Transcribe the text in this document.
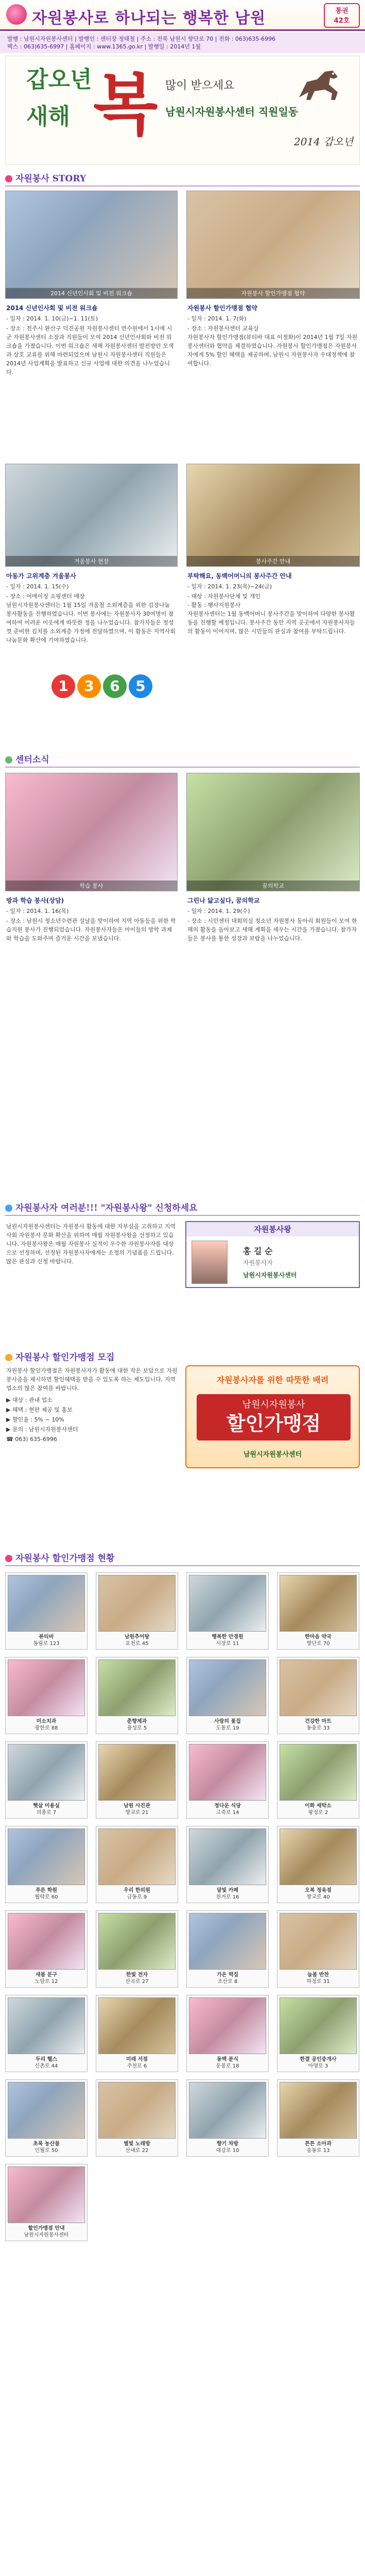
자원봉사로 하나되는 행복한 남원	통권
42호
발행 : 남원시자원봉사센터 | 발행인 : 센터장 정태철 | 주소 : 전북 남원시 향단로 70 | 전화 : 063)635-6996
팩스 : 063)635-6997 | 홈페이지 : www.1365.go.kr | 발행일 : 2014년 1월
갑오년
새해 복 많이 받으세요
남원시자원봉사센터 직원일동
2014 갑오년
자원봉사 STORY
2014 신년인사회 및 비전 워크숍	자원봉사 할인가맹점 협약
2014 신년인사회 및 비전 워크숍

- 일자 : 2014. 1. 10(금)~1. 11(토)

- 장소 : 전주시 완산구 덕진공원 자원봉사센터 연수원에서 1시에 시군 자원봉사센터 소장과 직원들이 모여 2014 신년인사회와 비전 워크숍을 가졌습니다. 이번 워크숍은 새해 자원봉사센터 발전방안 모색과 상호 교류를 위해 마련되었으며 남원시 자원봉사센터 직원들은 2014년 사업계획을 발표하고 신규 사업에 대한 의견을 나누었습니다.

자원봉사 할인가맹점 협약

- 일자 : 2014. 1. 7(화)

- 장소 : 자원봉사센터 교육실
자원봉사자 할인가맹점(뷰티바 대표 이정화)이 2014년 1월 7일 자원봉사센터와 협약을 체결하였습니다. 자원봉사 할인가맹점은 자원봉사자에게 5% 할인 혜택을 제공하며, 남원시 자원봉사자 우대정책에 참여합니다.

겨울봉사 현장	봉사주간 안내
아동가 고위계층 겨울봉사

- 일자 : 2014. 1. 15(수)

- 장소 : 어메이징 쇼핑센터 매장
남원시자원봉사센터는 1월 15일 겨울철 소외계층을 위한 김장나눔 봉사활동을 진행하였습니다. 이번 봉사에는 자원봉사자 30여명이 참여하여 어려운 이웃에게 따뜻한 정을 나누었습니다. 참가자들은 정성껏 준비한 김치를 소외계층 가정에 전달하였으며, 이 활동은 지역사회 나눔문화 확산에 기여하였습니다.

부탁해요, 동백어머니의 봉사주간 안내

- 일자 : 2014. 1. 23(목)~24(금)

- 대상 : 자원봉사단체 및 개인
- 활동 : 행사지원봉사
자원봉사센터는 1월 동백어머니 봉사주간을 맞이하여 다양한 봉사활동을 진행할 예정입니다. 봉사주간 동안 지역 곳곳에서 자원봉사자들의 활동이 이어지며, 많은 시민들의 관심과 참여를 부탁드립니다.

1 3 6 5
센터소식
학습 봉사	꿈의학교
방과 학습 봉사(상담)

- 일자 : 2014. 1. 16(목)

- 장소 : 남원시 청소년수련관 설날을 맞이하여 지역 아동들을 위한 학습지원 봉사가 진행되었습니다. 자원봉사자들은 아이들의 방학 과제와 학습을 도와주며 즐거운 시간을 보냈습니다.

그린나 닮고싶다, 꿈의학교

- 일자 : 2014. 1. 29(수)

- 장소 : 시민센터 대회의실 청소년 자원봉사 동아리 회원들이 모여 한 해의 활동을 돌아보고 새해 계획을 세우는 시간을 가졌습니다. 참가자들은 봉사를 통한 성장과 보람을 나누었습니다.

자원봉사자 여러분!!! "자원봉사왕" 신청하세요

남원시자원봉사센터는 자원봉사 활동에 대한 자부심을 고취하고 지역 사회 자원봉사 문화 확산을 위하여 매월 자원봉사왕을 선정하고 있습니다. 자원봉사왕은 매월 자원봉사 실적이 우수한 자원봉사자를 대상으로 선정하며, 선정된 자원봉사자에게는 소정의 기념품을 드립니다. 많은 관심과 신청 바랍니다.

자원봉사왕
홍 길 순
자원봉사자
남원시자원봉사센터
자원봉사 할인가맹점 모집

자원봉사 할인가맹점은 자원봉사자가 활동에 대한 작은 보답으로 자원봉사증을 제시하면 할인혜택을 받을 수 있도록 하는 제도입니다. 지역 업소의 많은 참여를 바랍니다.

▶ 대상 : 관내 업소

▶ 혜택 : 현판 제공 및 홍보

▶ 할인율 : 5% ~ 10%

▶ 문의 : 남원시자원봉사센터

☎ 063) 635-6996

자원봉사자를 위한 따뜻한 배려
남원시자원봉사
할인가맹점
남원시자원봉사센터
자원봉사 할인가맹점 현황
뷰티바
동림로 123
남원추어탕
요천로 45
행복한 안경원
시장로 11
한마음 약국
향단로 70
미소치과
광한로 88
춘향제과
용성로 5
사랑의 꽃집
도통로 19
건강한 마트
동충로 33
햇살 미용실
의총로 7
남원 사진관
향교로 21
정다운 식당
고죽로 14
이화 세탁소
왕정로 2
푸른 학원
월락로 60
우리 한의원
금동로 9
달빛 카페
천거로 16
오복 정육점
쌍교로 40
새봄 문구
노암로 12
한빛 전자
산곡로 27
가온 떡집
조산로 8
늘봄 반찬
하정로 31
두리 헬스
신촌로 44
미래 서점
주천로 6
동백 분식
운봉로 18
한결 공인중개사
아영로 3
초록 농산물
인월로 50
별빛 노래방
산내로 22
향기 차방
대강로 10
튼튼 소아과
송동로 13
할인가맹점 안내
남원시자원봉사센터
